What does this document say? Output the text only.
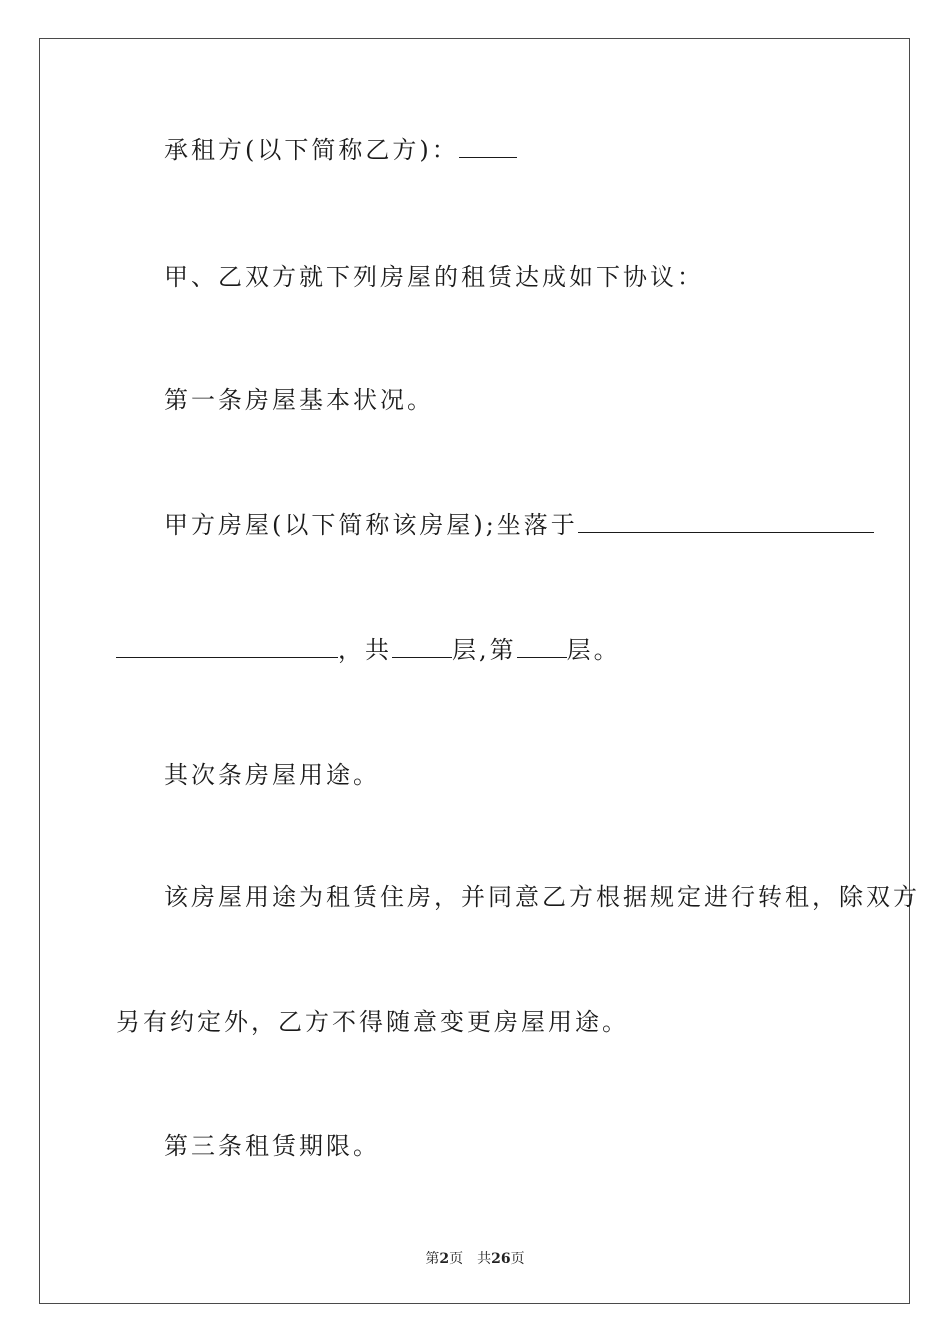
承租方(以下简称乙方)：
甲、乙双方就下列房屋的租赁达成如下协议：
第一条房屋基本状况。
甲方房屋(以下简称该房屋);坐落于
，共	层,第 层。
其次条房屋用途。
该房屋用途为租赁住房，并同意乙方根据规定进行转租，除双方
另有约定外，乙方不得随意变更房屋用途。
第三条租赁期限。
第2页 共26页
